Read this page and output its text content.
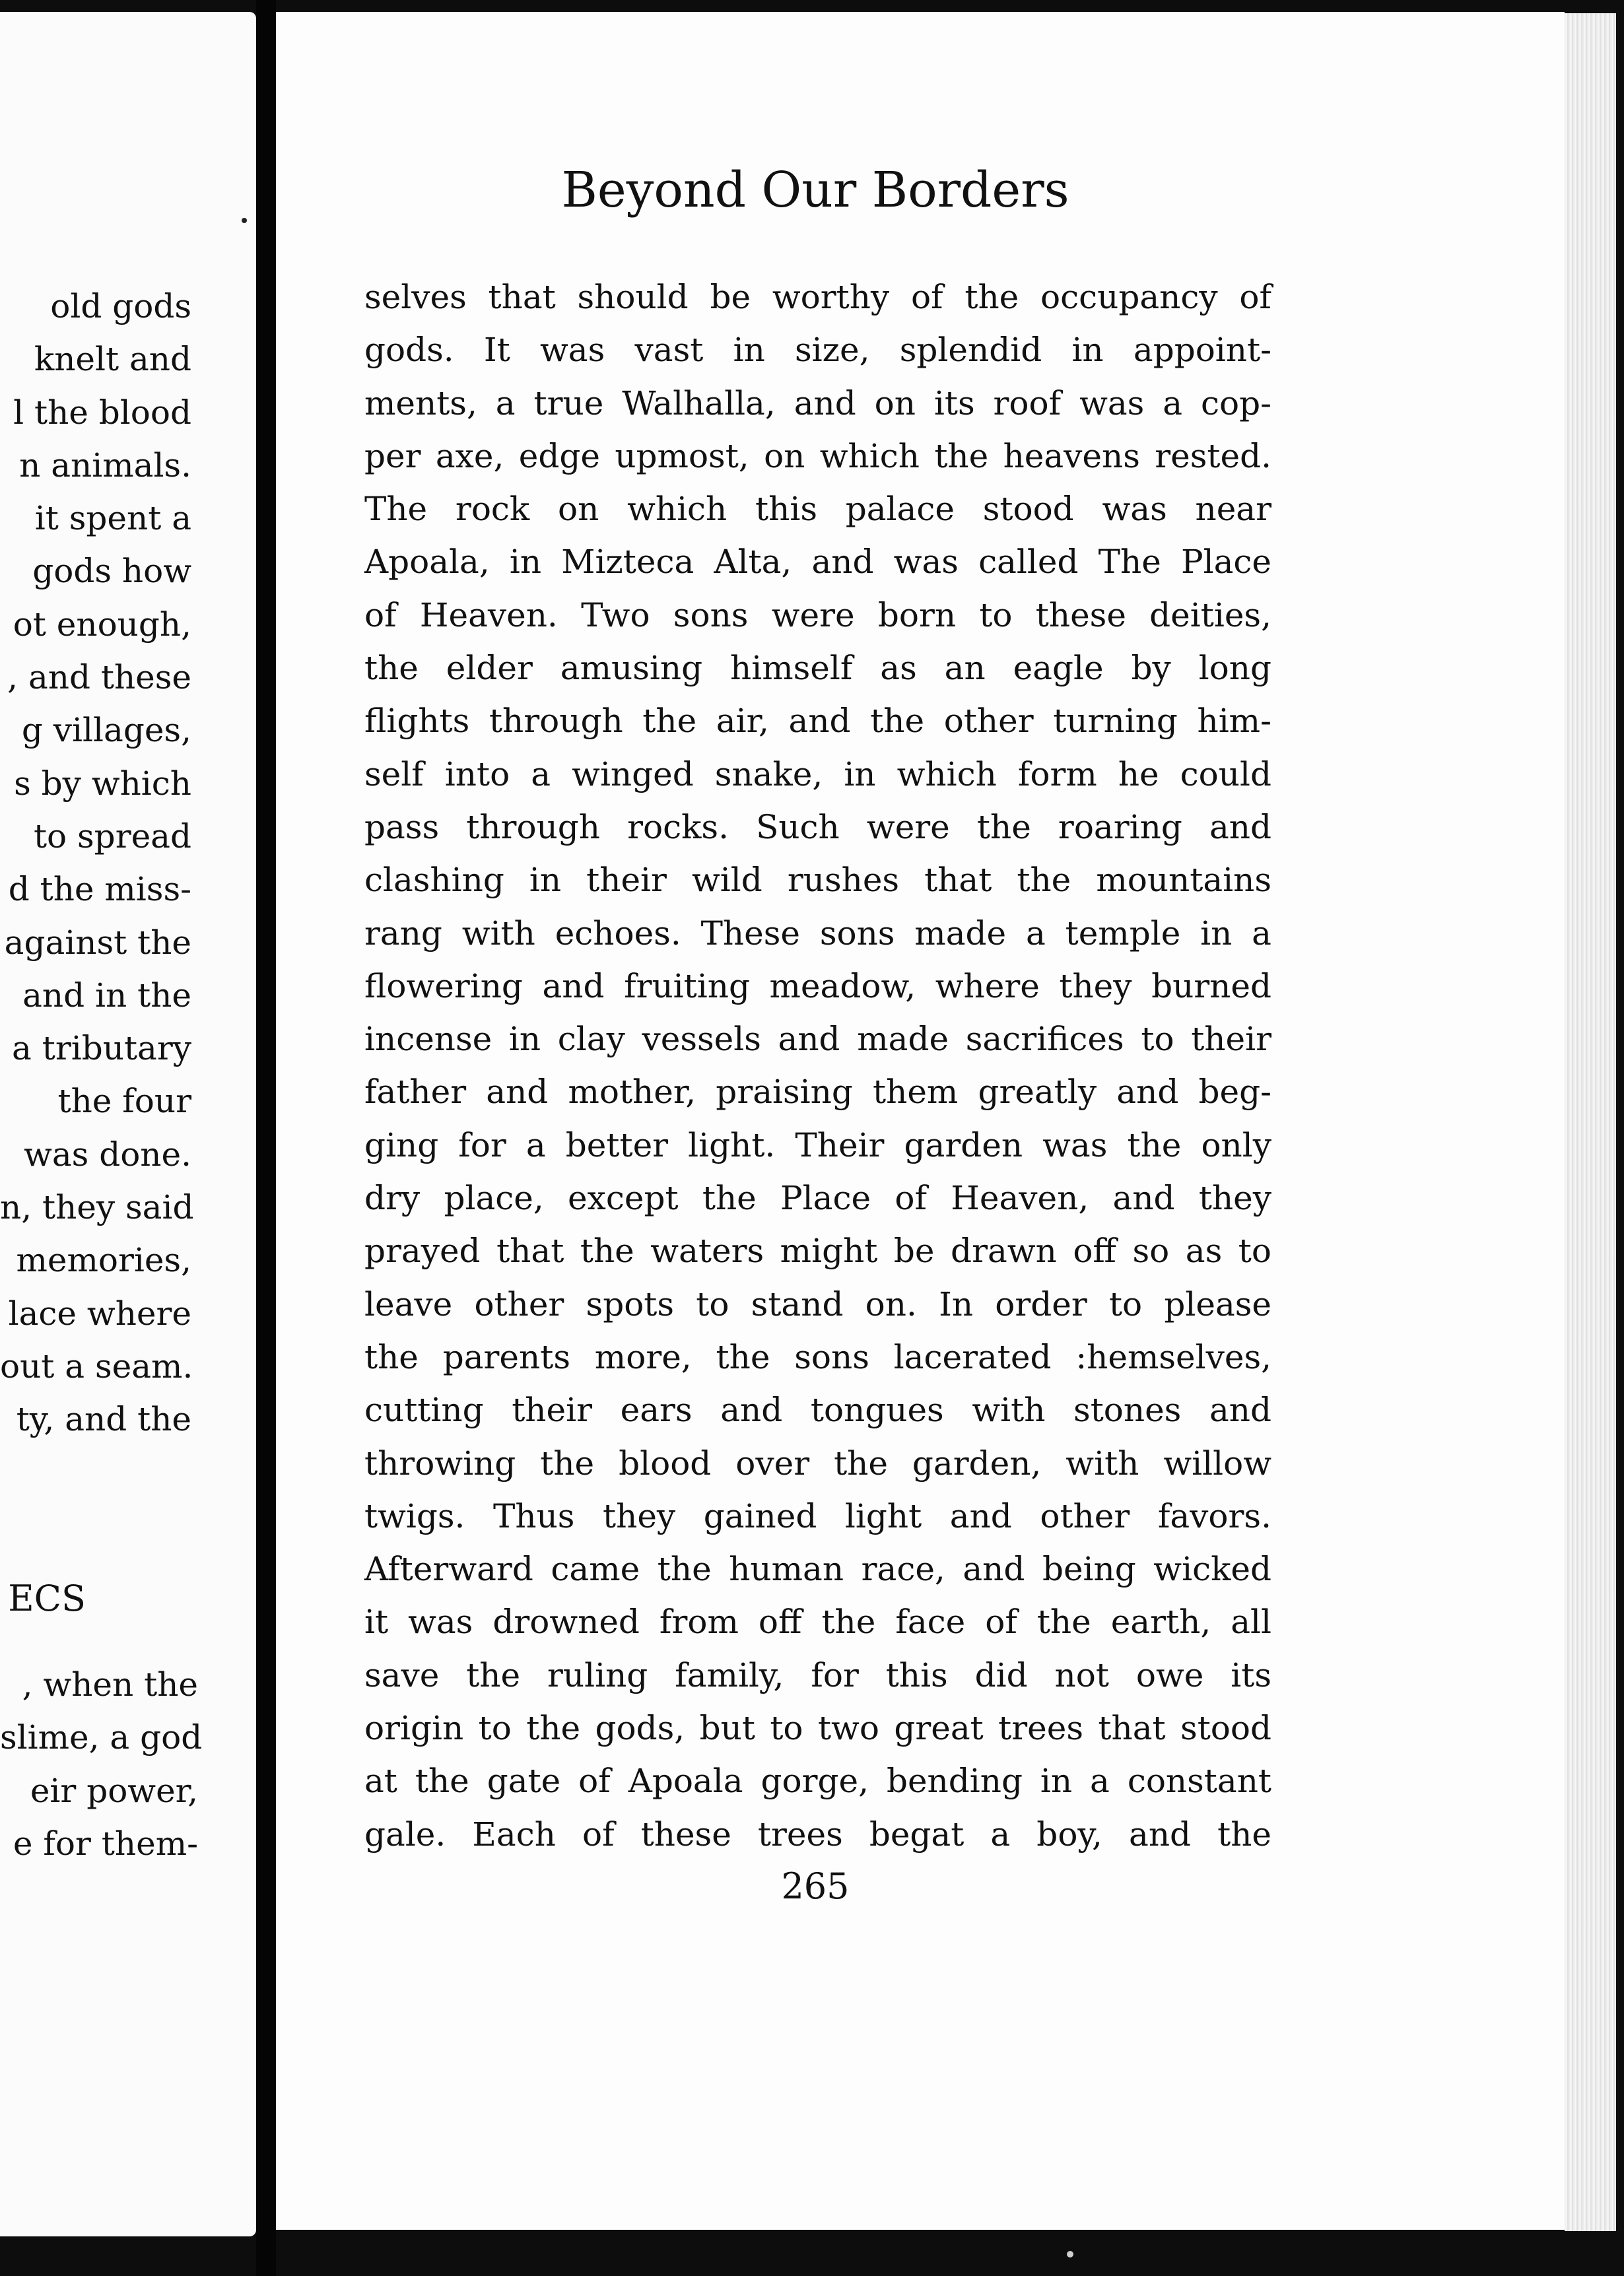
old gods
knelt and
l the blood
n animals.
it spent a
gods how
ot enough,
, and these
g villages,
s by which
to spread
d the miss-
against the
and in the
a tributary
the four
was done.
n, they said
memories,
lace where
out a seam.
ty, and the
ECS
, when the
slime, a god
eir power,
e for them-
Beyond Our Borders
selves that should be worthy of the occupancy of
gods. It was vast in size, splendid in appoint-
ments, a true Walhalla, and on its roof was a cop-
per axe, edge upmost, on which the heavens rested.
The rock on which this palace stood was near
Apoala, in Mizteca Alta, and was called The Place
of Heaven. Two sons were born to these deities,
the elder amusing himself as an eagle by long
flights through the air, and the other turning him-
self into a winged snake, in which form he could
pass through rocks. Such were the roaring and
clashing in their wild rushes that the mountains
rang with echoes. These sons made a temple in a
flowering and fruiting meadow, where they burned
incense in clay vessels and made sacrifices to their
father and mother, praising them greatly and beg-
ging for a better light. Their garden was the only
dry place, except the Place of Heaven, and they
prayed that the waters might be drawn off so as to
leave other spots to stand on. In order to please
the parents more, the sons lacerated :hemselves,
cutting their ears and tongues with stones and
throwing the blood over the garden, with willow
twigs. Thus they gained light and other favors.
Afterward came the human race, and being wicked
it was drowned from off the face of the earth, all
save the ruling family, for this did not owe its
origin to the gods, but to two great trees that stood
at the gate of Apoala gorge, bending in a constant
gale. Each of these trees begat a boy, and the
265
